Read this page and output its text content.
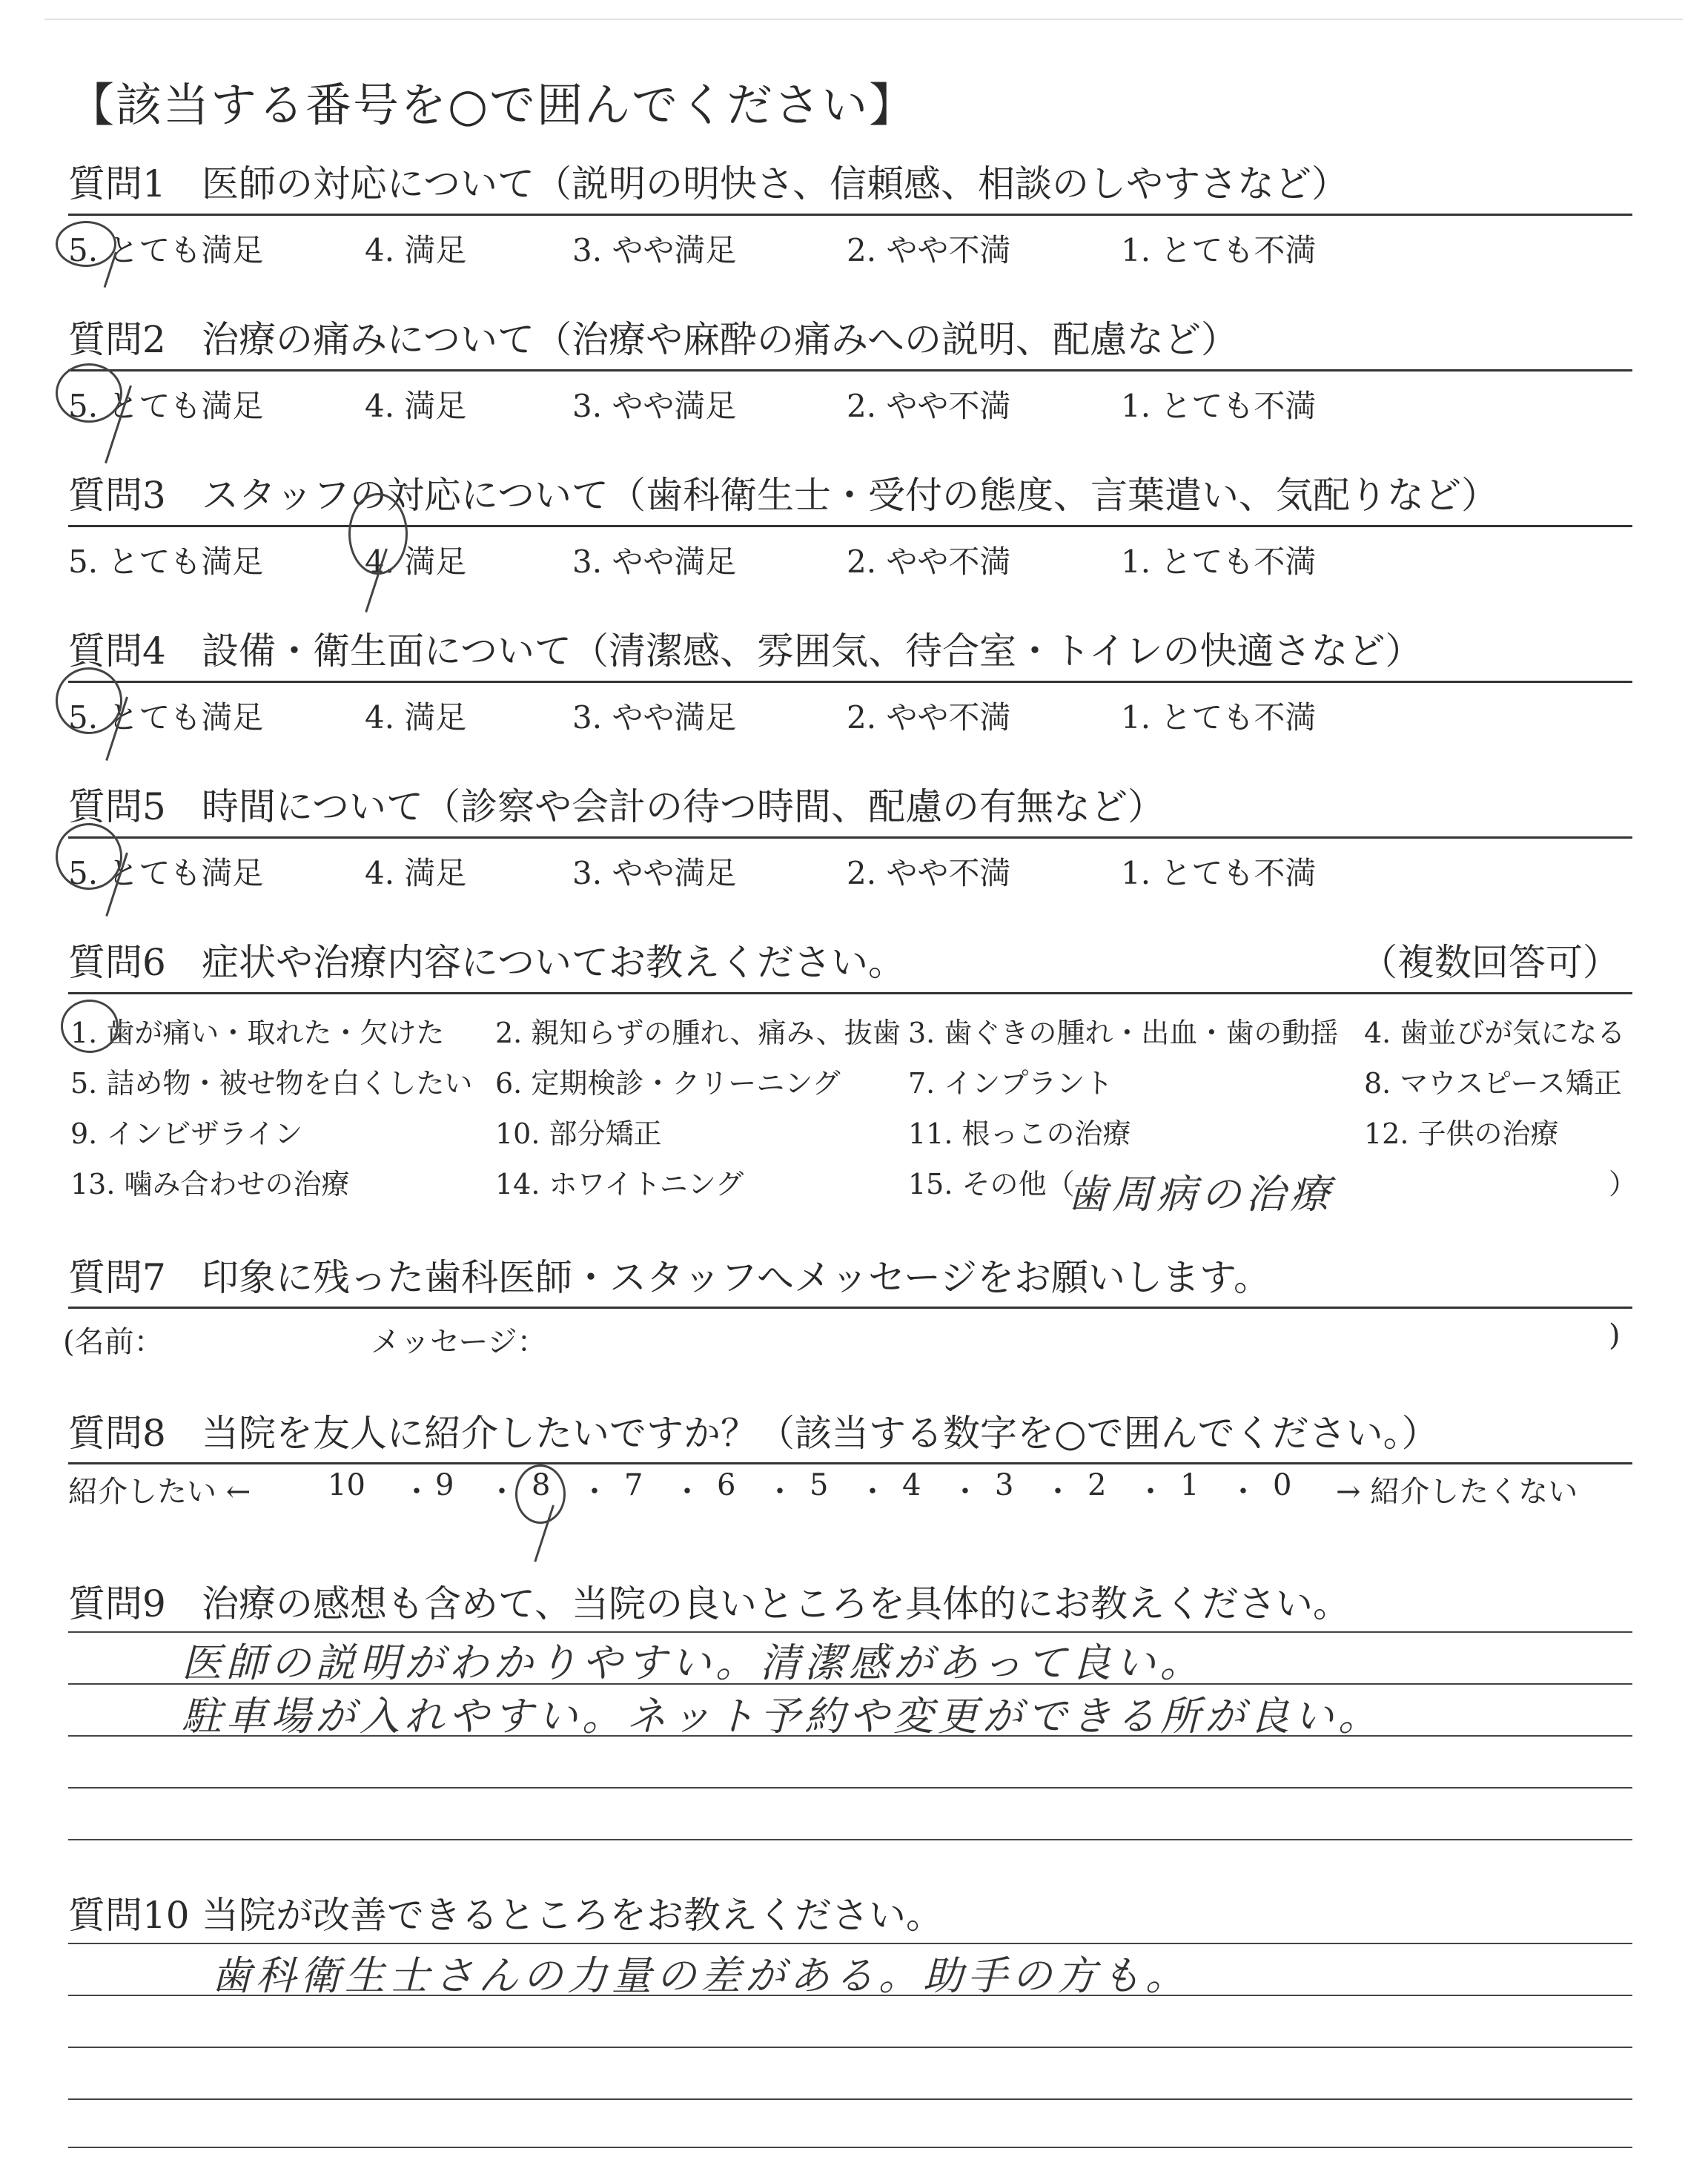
【該当する番号を○で囲んでください】
質問1 医師の対応について（説明の明快さ、信頼感、相談のしやすさなど）
5. とても満足	4. 満足	3. やや満足	2. やや不満	1. とても不満
質問2 治療の痛みについて（治療や麻酔の痛みへの説明、配慮など）
5. とても満足	4. 満足	3. やや満足	2. やや不満	1. とても不満
質問3 スタッフの対応について（歯科衛生士・受付の態度、言葉遣い、気配りなど）
5. とても満足	4. 満足	3. やや満足	2. やや不満	1. とても不満
質問4 設備・衛生面について（清潔感、雰囲気、待合室・トイレの快適さなど）
5. とても満足	4. 満足	3. やや満足	2. やや不満	1. とても不満
質問5 時間について（診察や会計の待つ時間、配慮の有無など）
5. とても満足	4. 満足	3. やや満足	2. やや不満	1. とても不満
質問6 症状や治療内容についてお教えください。	（複数回答可）
1. 歯が痛い・取れた・欠けた 2. 親知らずの腫れ、痛み、抜歯 3. 歯ぐきの腫れ・出血・歯の動揺 4. 歯並びが気になる
5. 詰め物・被せ物を白くしたい 6. 定期検診・クリーニング 7. インプラント	8. マウスピース矯正
9. インビザライン	10. 部分矯正	11. 根っこの治療	12. 子供の治療
13. 噛み合わせの治療	14. ホワイトニング	15. その他（	）
歯周病の治療
質問7 印象に残った歯科医師・スタッフへメッセージをお願いします。
(名前：	メッセージ：	)
質問8 当院を友人に紹介したいですか？（該当する数字を○で囲んでください。）
紹介したい ←	10 ・ 9 ・ 8 ・ 7 ・ 6 ・ 5 ・ 4 ・ 3 ・ 2 ・ 1 ・ 0 → 紹介したくない
質問9 治療の感想も含めて、当院の良いところを具体的にお教えください。
医師の説明がわかりやすい。清潔感があって良い。
駐車場が入れやすい。ネット予約や変更ができる所が良い。
質問10 当院が改善できるところをお教えください。
歯科衛生士さんの力量の差がある。助手の方も。
